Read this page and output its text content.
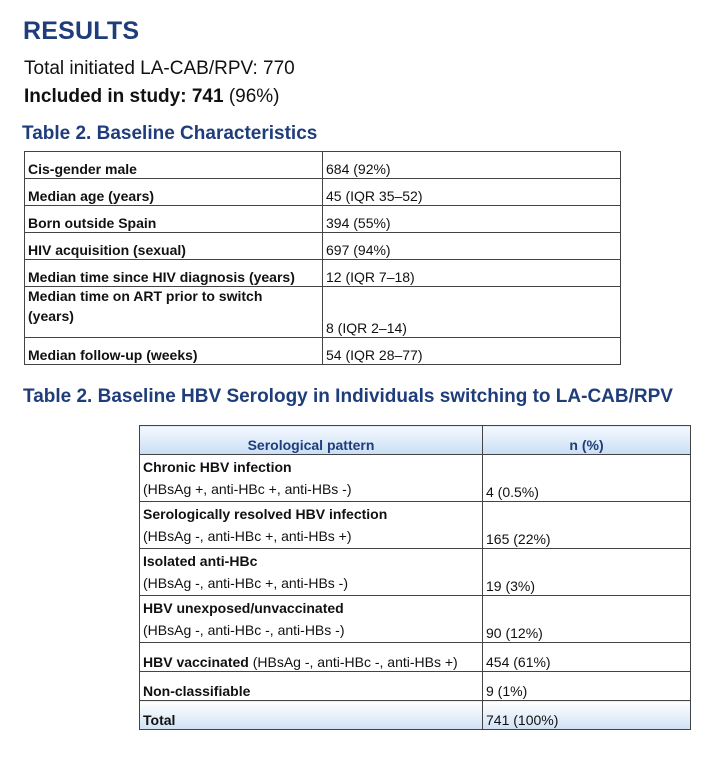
RESULTS
Total initiated LA-CAB/RPV: 770
Included in study: 741 (96%)
Table 2. Baseline Characteristics
Cis-gender male	684 (92%)
Median age (years)	45 (IQR 35–52)
Born outside Spain	394 (55%)
HIV acquisition (sexual)	697 (94%)
Median time since HIV diagnosis (years)	12 (IQR 7–18)

Median time on ART prior to switch
(years)	8 (IQR 2–14)
Median follow-up (weeks)	54 (IQR 28–77)
Table 2. Baseline HBV Serology in Individuals switching to LA-CAB/RPV
Serological pattern	n (%)
Chronic HBV infection
(HBsAg +, anti-HBc +, anti-HBs -)	4 (0.5%)
Serologically resolved HBV infection
(HBsAg -, anti-HBc +, anti-HBs +)	165 (22%)
Isolated anti-HBc
(HBsAg -, anti-HBc +, anti-HBs -)	19 (3%)
HBV unexposed/unvaccinated
(HBsAg -, anti-HBc -, anti-HBs -)	90 (12%)
HBV vaccinated (HBsAg -, anti-HBc -, anti-HBs +)	454 (61%)
Non-classifiable	9 (1%)
Total	741 (100%)
